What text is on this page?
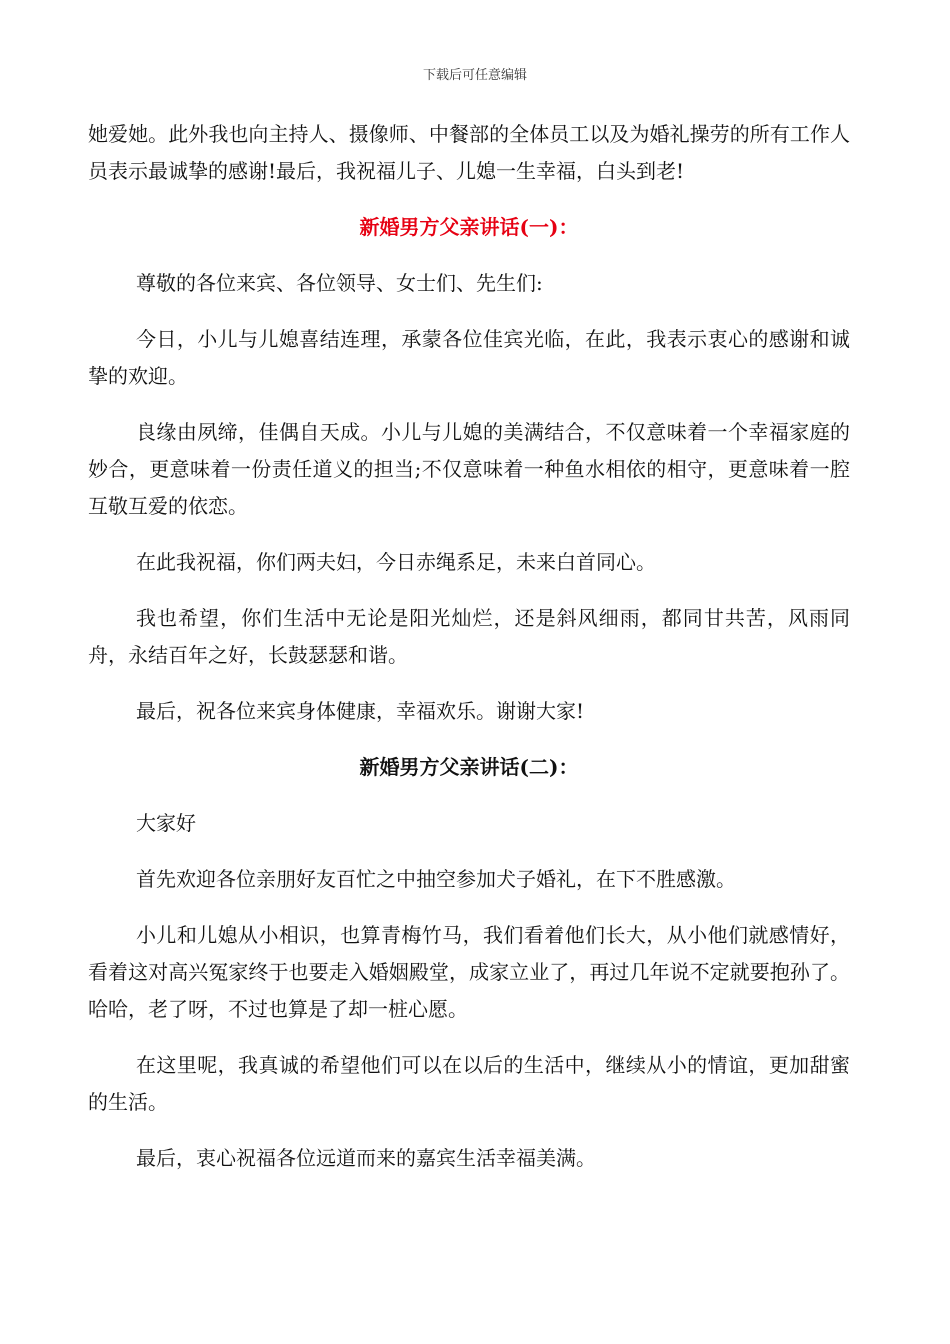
下载后可任意编辑

她爱她。此外我也向主持人、摄像师、中餐部的全体员工以及为婚礼操劳的所有工作人员表示最诚挚的感谢!最后，我祝福儿子、儿媳一生幸福，白头到老!

新婚男方父亲讲话(一)：

尊敬的各位来宾、各位领导、女士们、先生们:

今日，小儿与儿媳喜结连理，承蒙各位佳宾光临，在此，我表示衷心的感谢和诚挚的欢迎。

良缘由夙缔，佳偶自天成。小儿与儿媳的美满结合，不仅意味着一个幸福家庭的妙合，更意味着一份责任道义的担当;不仅意味着一种鱼水相依的相守，更意味着一腔互敬互爱的依恋。

在此我祝福，你们两夫妇，今日赤绳系足，未来白首同心。

我也希望，你们生活中无论是阳光灿烂，还是斜风细雨，都同甘共苦，风雨同舟，永结百年之好，长鼓瑟瑟和谐。

最后，祝各位来宾身体健康，幸福欢乐。谢谢大家!

新婚男方父亲讲话(二)：

大家好

首先欢迎各位亲朋好友百忙之中抽空参加犬子婚礼，在下不胜感激。

小儿和儿媳从小相识，也算青梅竹马，我们看着他们长大，从小他们就感情好，看着这对高兴冤家终于也要走入婚姻殿堂，成家立业了，再过几年说不定就要抱孙了。哈哈，老了呀，不过也算是了却一桩心愿。

在这里呢，我真诚的希望他们可以在以后的生活中，继续从小的情谊，更加甜蜜的生活。

最后，衷心祝福各位远道而来的嘉宾生活幸福美满。
